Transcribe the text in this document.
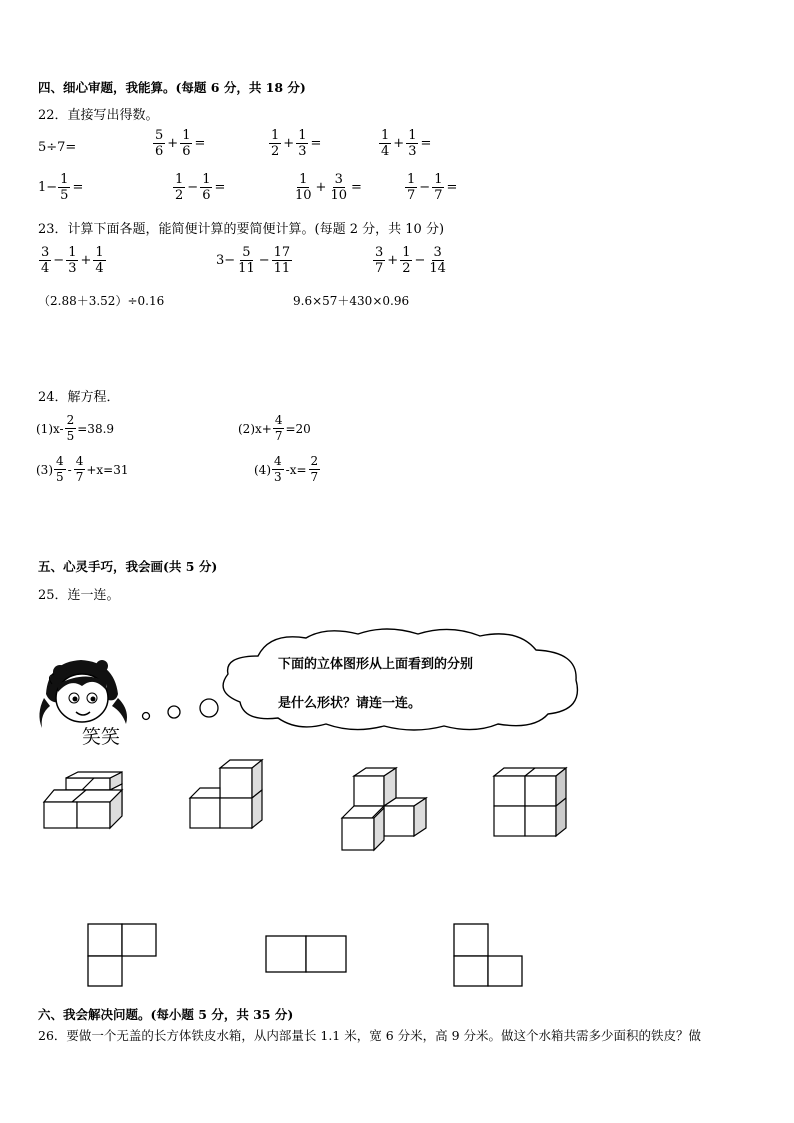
四、细心审题，我能算。(每题 6 分，共 18 分)
22．直接写出得数。
5÷7=	$\frac{5}{6} + \frac{1}{6}$ =	$\frac{1}{2} + \frac{1}{3}$ =	$\frac{1}{4} + \frac{1}{3}$ =
$1- \frac{1}{5}$ =	$\frac{1}{2} - \frac{1}{6}$ =	$\frac{1}{10} + \frac{3}{10}$ =	$\frac{1}{7} - \frac{1}{7}$ =
23．计算下面各题，能简便计算的要简便计算。(每题 2 分，共 10 分)
$\frac{3}{4} - \frac{1}{3} + \frac{1}{4}$	$3- \frac{5}{11} - \frac{17}{11}$	$\frac{3}{7} + \frac{1}{2} - \frac{3}{14}$
（2.88＋3.52）÷0.16	9.6×57＋430×0.96
24．解方程．
$(1)x- \frac{2}{5} =38.9$	$(2)x+ \frac{4}{7} =20$
$(3) \frac{4}{5} - \frac{4}{7} +x=31$	$(4) \frac{4}{3} -x= \frac{2}{7}$
五、心灵手巧，我会画(共 5 分)
25．连一连。
笑笑
下面的立体图形从上面看到的分别
是什么形状？请连一连。
六、我会解决问题。(每小题 5 分，共 35 分)
26．要做一个无盖的长方体铁皮水箱，从内部量长 1.1 米，宽 6 分米，高 9 分米。做这个水箱共需多少面积的铁皮？做
